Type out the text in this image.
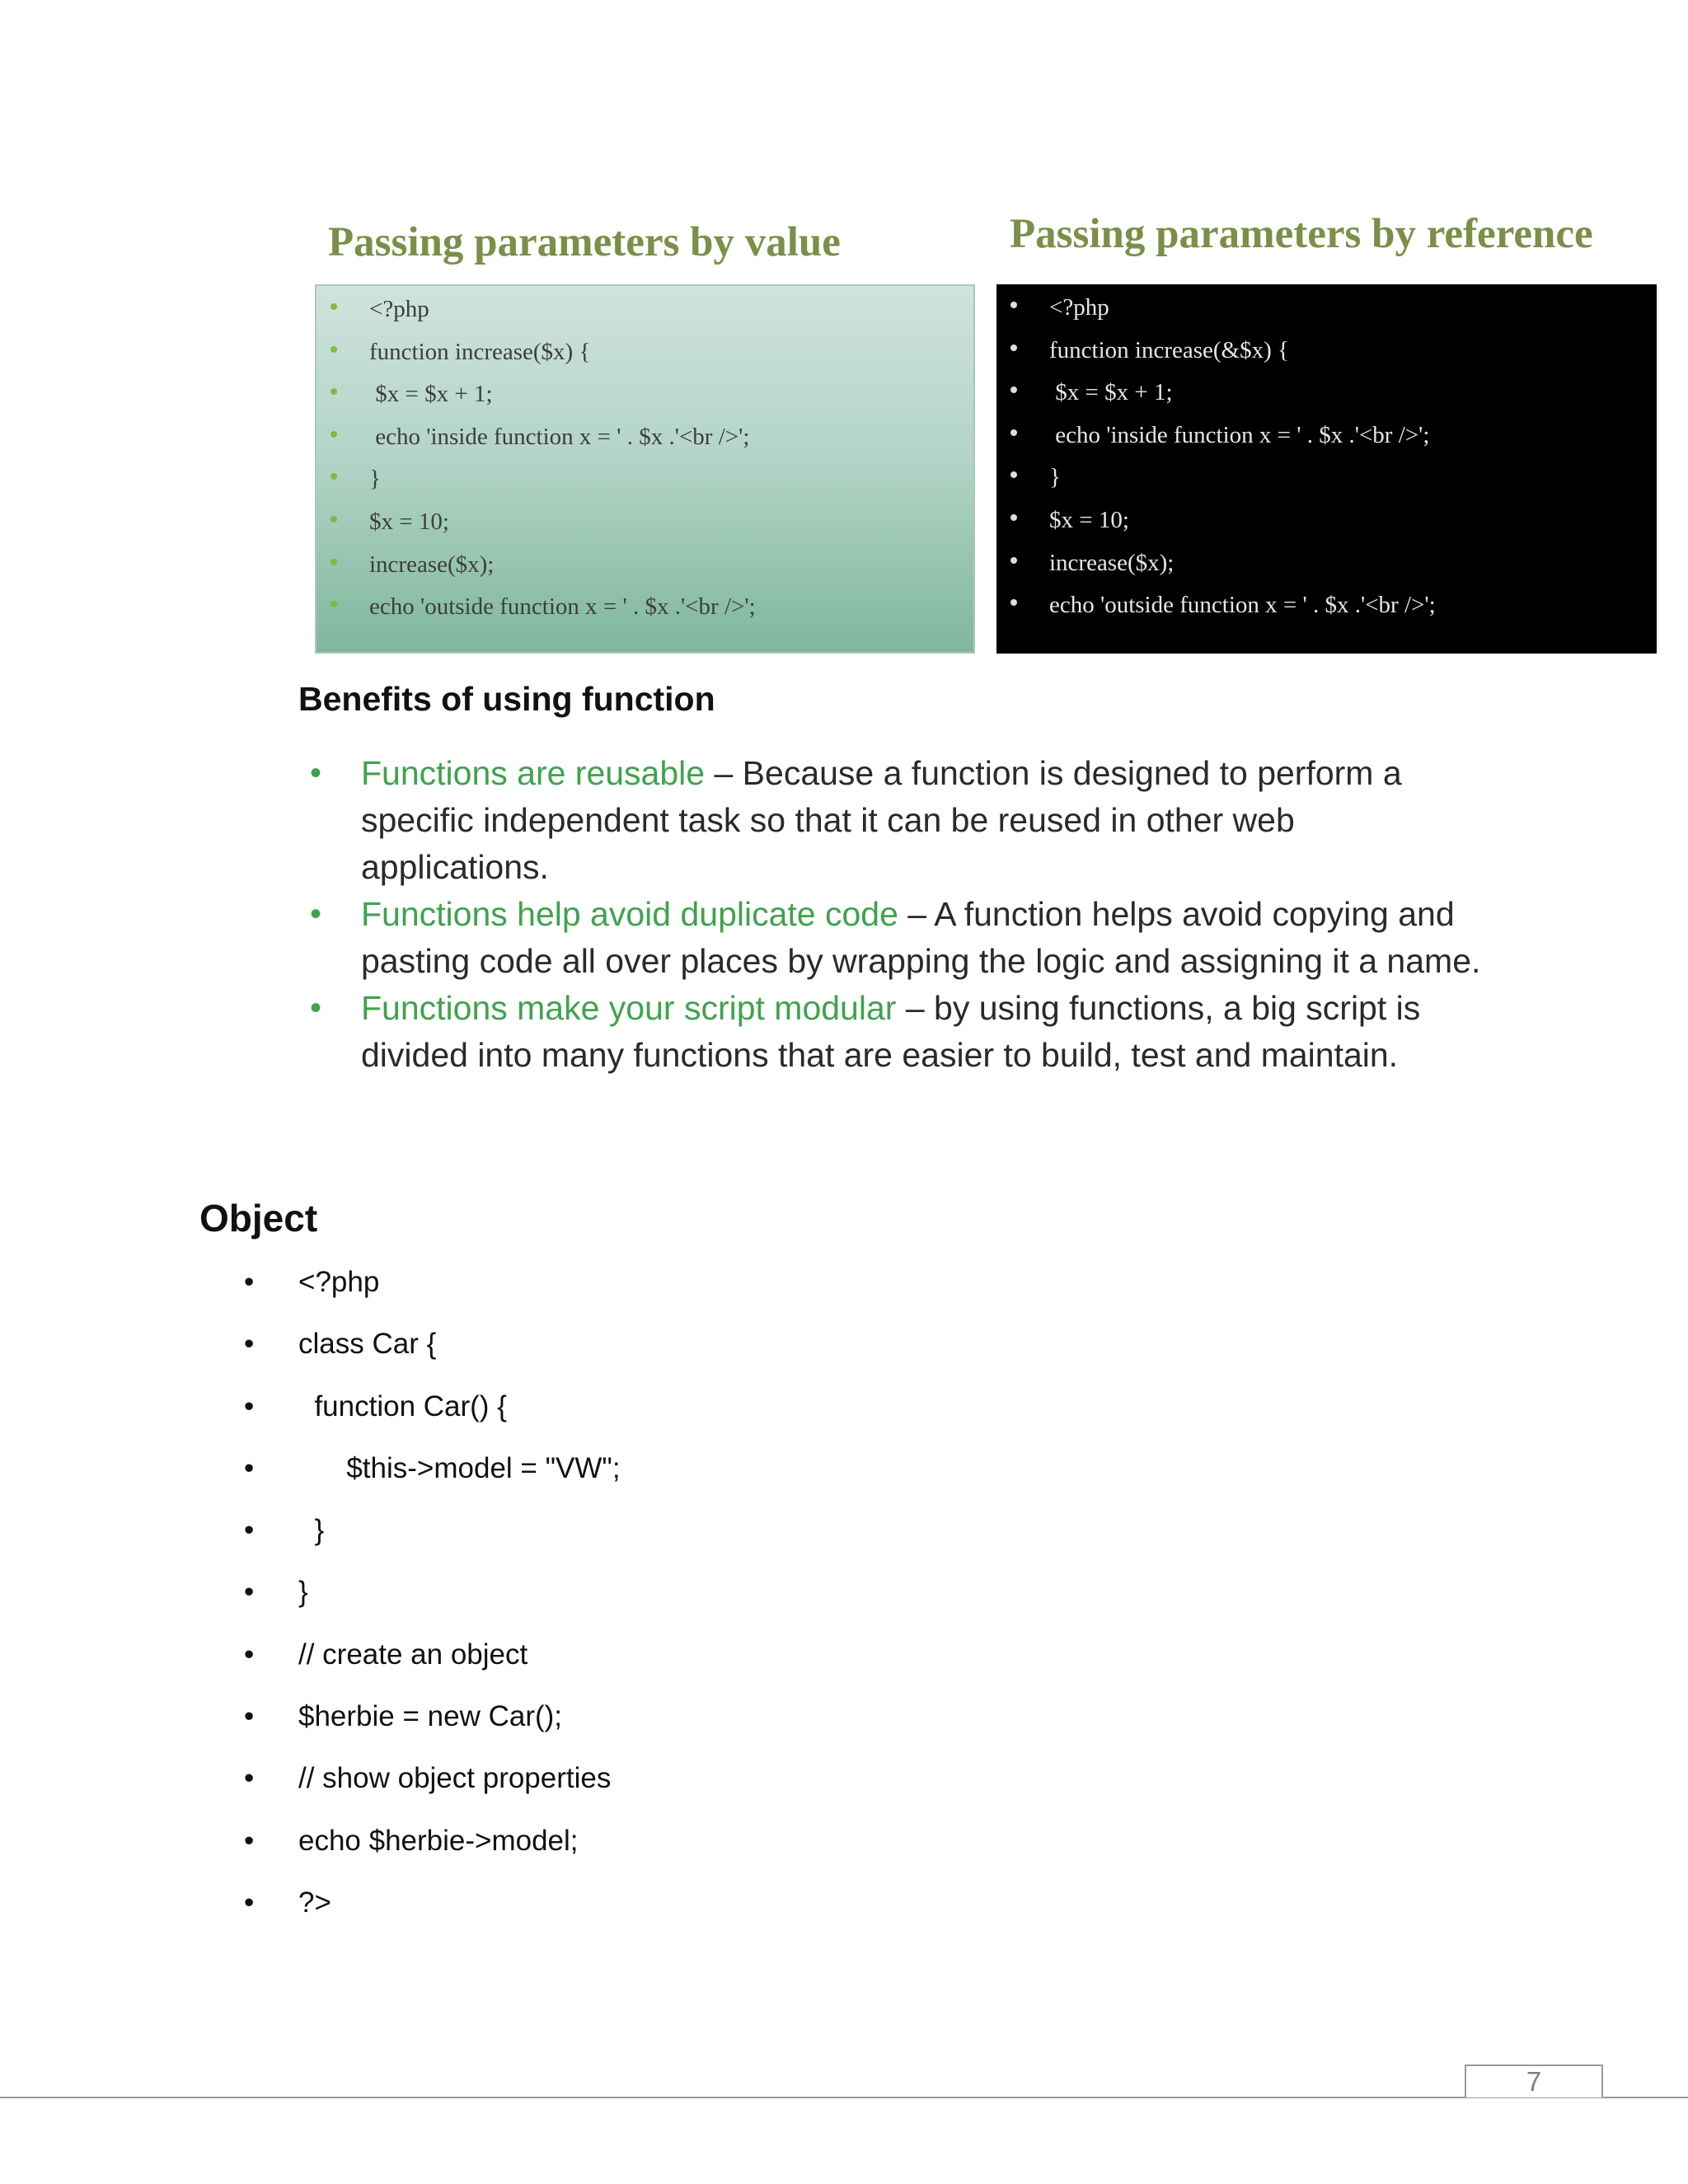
Passing parameters by value	Passing parameters by reference
<?php
function increase($x) {
$x = $x + 1;
echo 'inside function x = ' . $x .'<br />';
}
$x = 10;
increase($x);
echo 'outside function x = ' . $x .'<br />';
<?php
function increase(&$x) {
$x = $x + 1;
echo 'inside function x = ' . $x .'<br />';
}
$x = 10;
increase($x);
echo 'outside function x = ' . $x .'<br />';
Benefits of using function
• Functions are reusable – Because a function is designed to perform a specific independent task so that it can be reused in other web applications.
• Functions help avoid duplicate code – A function helps avoid copying and pasting code all over places by wrapping the logic and assigning it a name.
• Functions make your script modular – by using functions, a big script is divided into many functions that are easier to build, test and maintain.
Object
• <?php
• class Car {
• function Car() {
• $this->model = "VW";
• }
• }
• // create an object
• $herbie = new Car();
• // show object properties
• echo $herbie->model;
• ?>
7
